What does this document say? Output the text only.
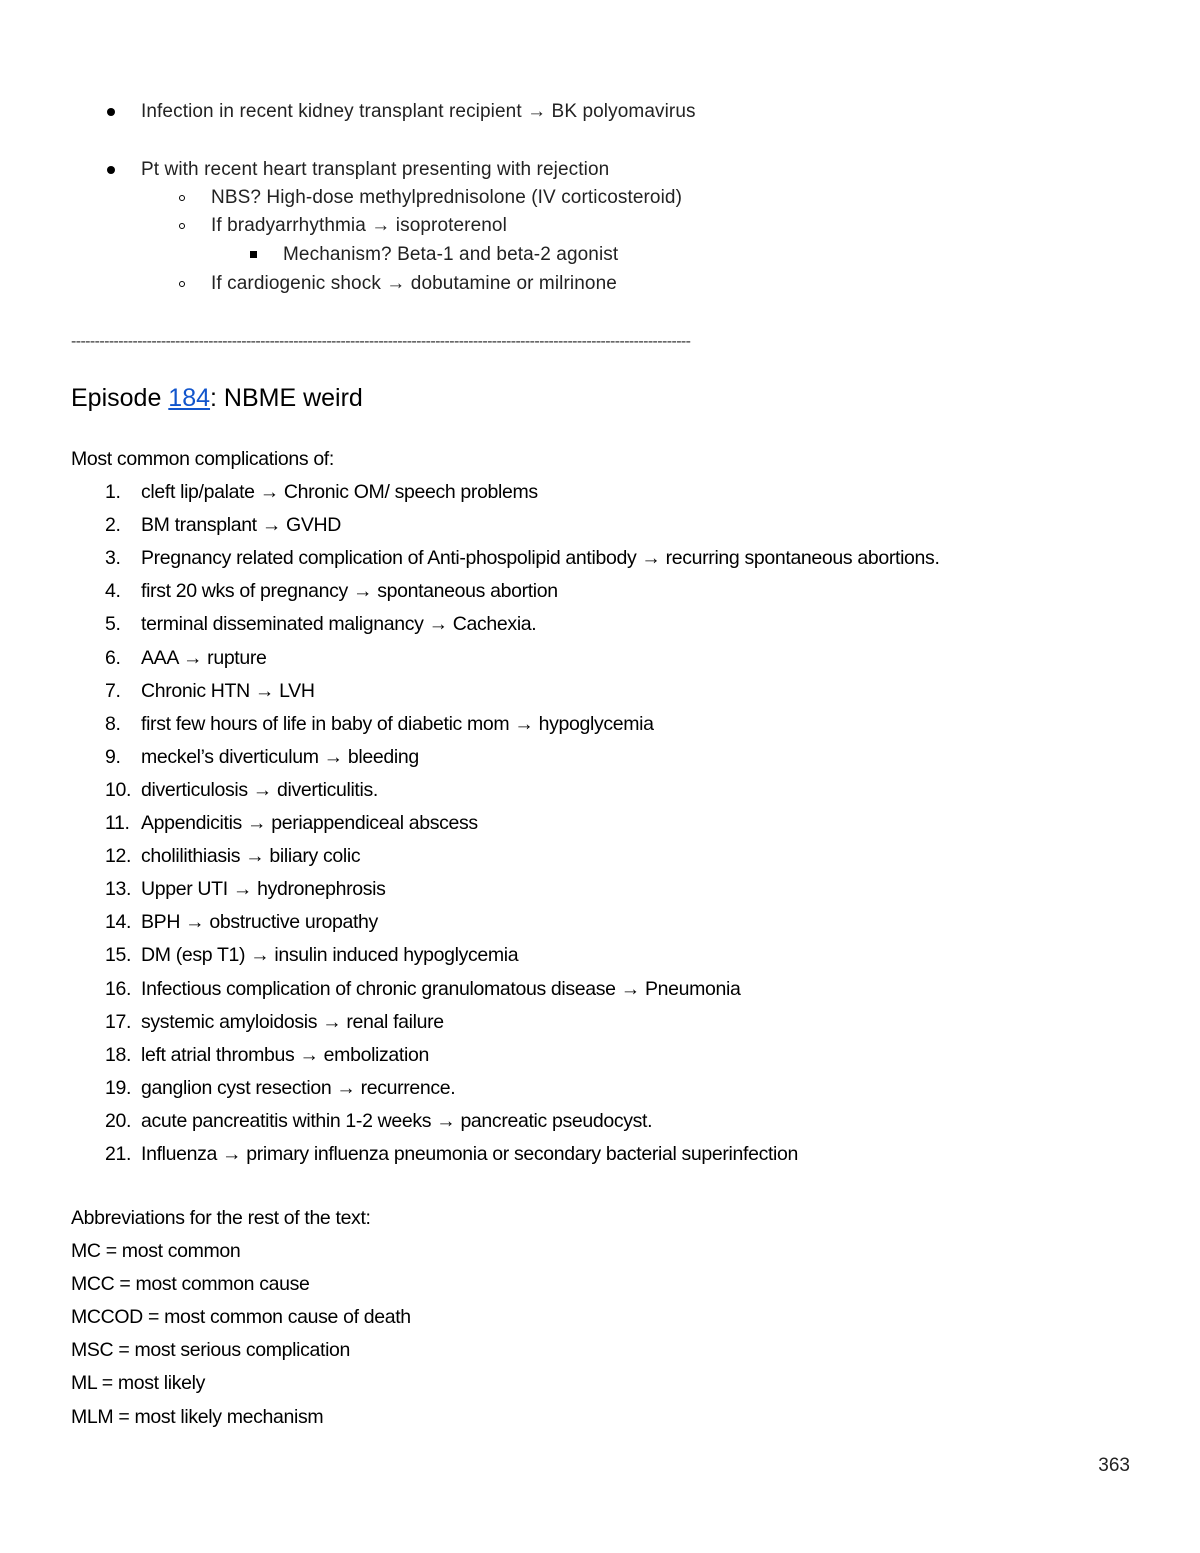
Infection in recent kidney transplant recipient → BK polyomavirus
Pt with recent heart transplant presenting with rejection
NBS? High-dose methylprednisolone (IV corticosteroid)
If bradyarrhythmia → isoproterenol
Mechanism? Beta-1 and beta-2 agonist
If cardiogenic shock → dobutamine or milrinone
-----------------------------------------------------------------------------------------------------------------------------------
Episode 184: NBME weird
Most common complications of:
1. cleft lip/palate → Chronic OM/ speech problems
2. BM transplant → GVHD
3. Pregnancy related complication of Anti-phospolipid antibody → recurring spontaneous abortions.
4. first 20 wks of pregnancy → spontaneous abortion
5. terminal disseminated malignancy → Cachexia.
6. AAA → rupture
7. Chronic HTN → LVH
8. first few hours of life in baby of diabetic mom → hypoglycemia
9. meckel’s diverticulum → bleeding
10. diverticulosis → diverticulitis.
11. Appendicitis → periappendiceal abscess
12. cholilithiasis → biliary colic
13. Upper UTI → hydronephrosis
14. BPH → obstructive uropathy
15. DM (esp T1) → insulin induced hypoglycemia
16. Infectious complication of chronic granulomatous disease → Pneumonia
17. systemic amyloidosis → renal failure
18. left atrial thrombus → embolization
19. ganglion cyst resection → recurrence.
20. acute pancreatitis within 1-2 weeks → pancreatic pseudocyst.
21. Influenza → primary influenza pneumonia or secondary bacterial superinfection
Abbreviations for the rest of the text:
MC = most common
MCC = most common cause
MCCOD = most common cause of death
MSC = most serious complication
ML = most likely
MLM = most likely mechanism
363
